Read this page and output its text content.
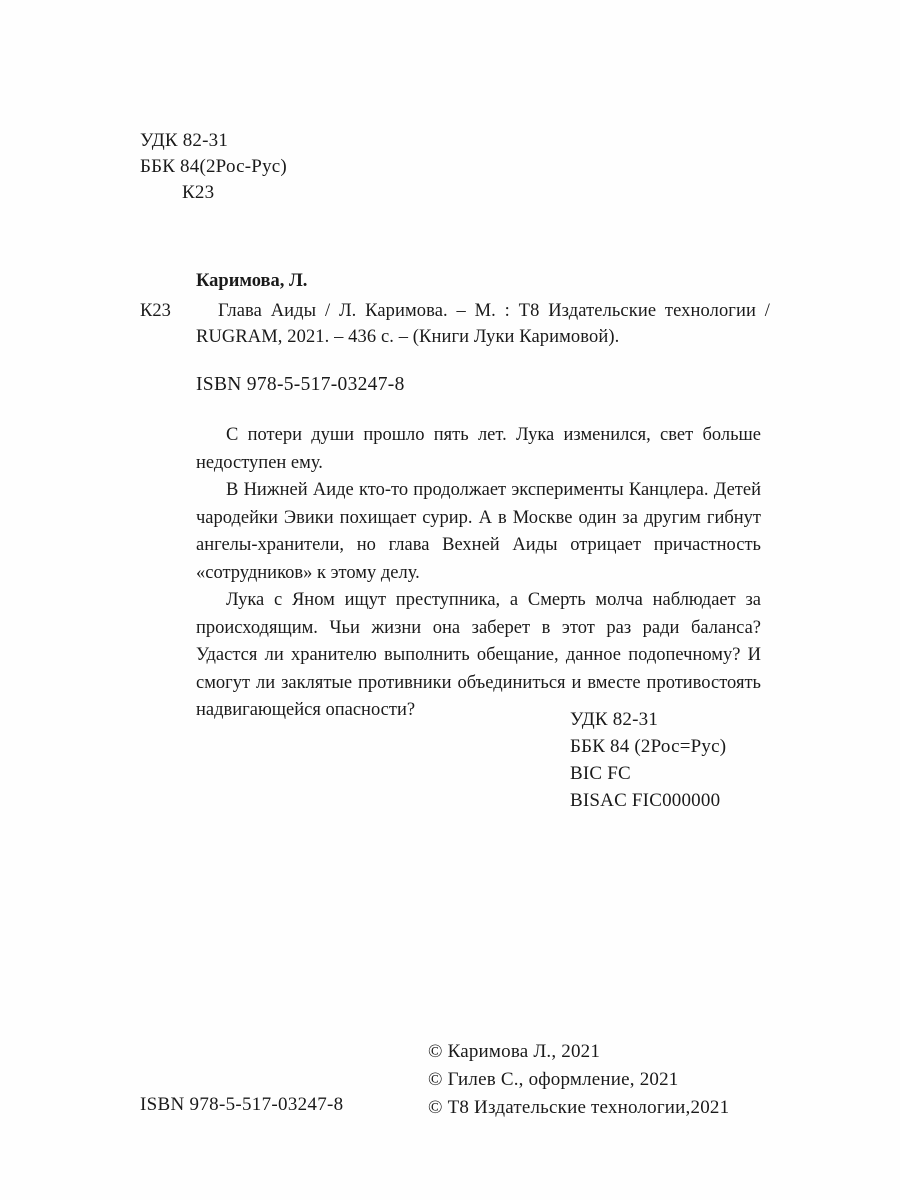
УДК 82-31
ББК 84(2Рос-Рус)
К23
Каримова, Л.
К23	Глава Аиды / Л. Каримова. – М. : Т8 Издательские технологии / RUGRAM, 2021. – 436 с. – (Книги Луки Каримовой).
ISBN 978-5-517-03247-8

С потери души прошло пять лет. Лука изменился, свет больше недоступен ему.

В Нижней Аиде кто-то продолжает эксперименты Канцлера. Детей чародейки Эвики похищает сурир. А в Москве один за другим гибнут ангелы-хранители, но глава Вехней Аиды отрицает причастность «сотрудников» к этому делу.

Лука с Яном ищут преступника, а Смерть молча наблюдает за происходящим. Чьи жизни она заберет в этот раз ради баланса? Удастся ли хранителю выполнить обещание, данное подопечному? И смогут ли заклятые противники объединиться и вместе противостоять надвигающейся опасности?	УДК 82-31
ББК 84 (2Рос=Рус)
BIC FC
BISAC FIC000000
© Каримова Л., 2021
© Гилев С., оформление, 2021
© Т8 Издательские технологии,2021
ISBN 978-5-517-03247-8
